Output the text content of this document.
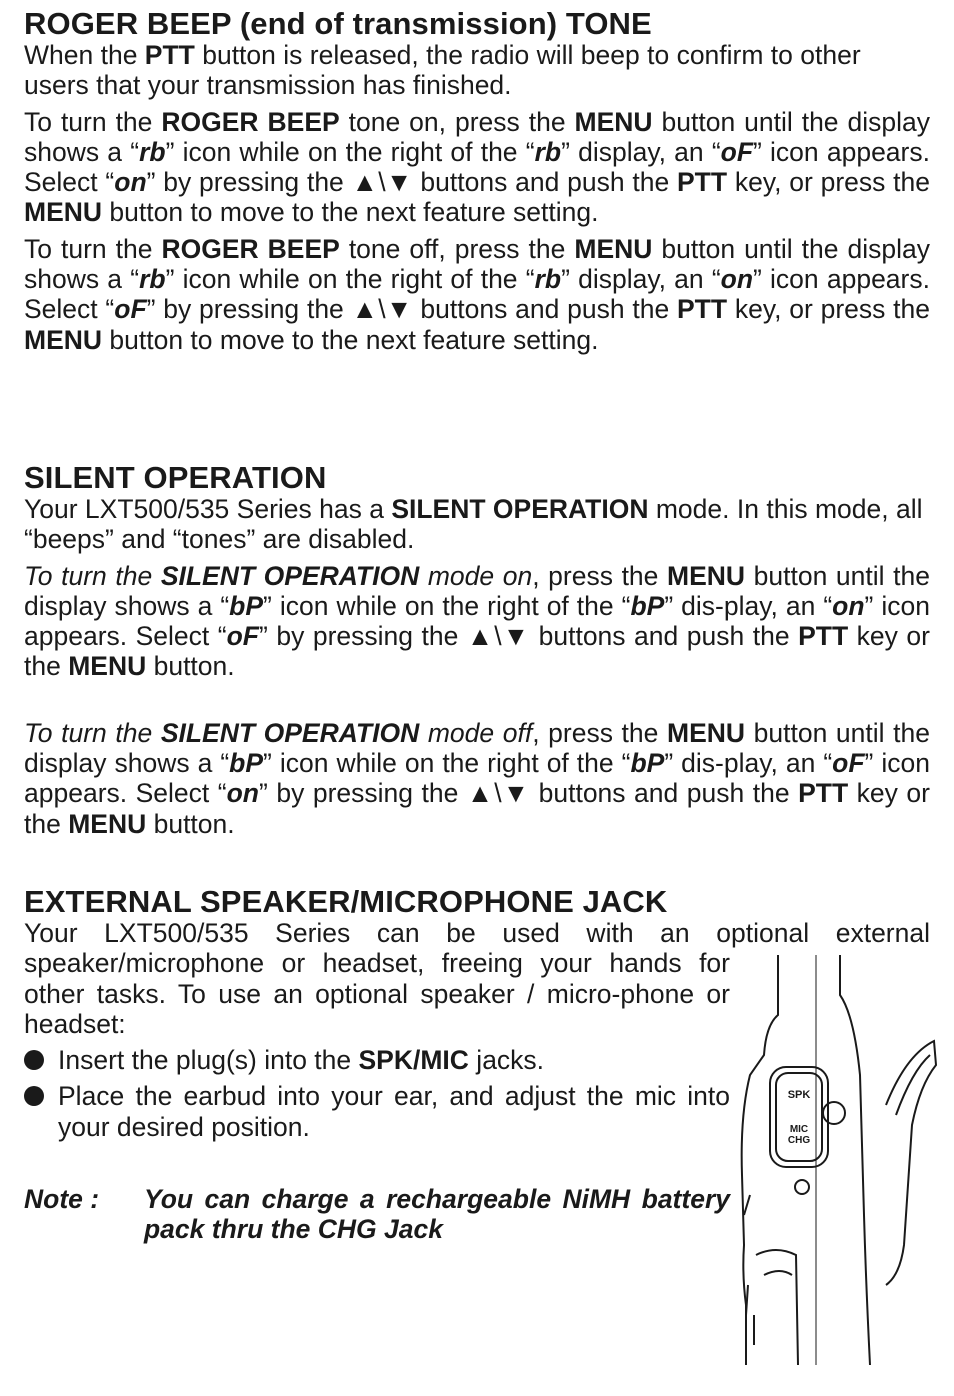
ROGER BEEP (end of transmission) TONE

When the PTT button is released, the radio will beep to confirm to other users that your transmission has finished.

To turn the ROGER BEEP tone on, press the MENU button until the display shows a “rb” icon while on the right of the “rb” display, an “oF” icon appears. Select “on” by pressing the ▲\▼ buttons and push the PTT key, or press the MENU button to move to the next feature setting.

To turn the ROGER BEEP tone off, press the MENU button until the display shows a “rb” icon while on the right of the “rb” display, an “on” icon appears. Select “oF” by pressing the ▲\▼ buttons and push the PTT key, or press the MENU button to move to the next feature setting.

SILENT OPERATION

Your LXT500/535 Series has a SILENT OPERATION mode. In this mode, all “beeps” and “tones” are disabled.

To turn the SILENT OPERATION mode on, press the MENU button until the display shows a “bP” icon while on the right of the “bP” dis-play, an “on” icon appears. Select “oF” by pressing the ▲\▼ buttons and push the PTT key or the MENU button.

To turn the SILENT OPERATION mode off, press the MENU button until the display shows a “bP” icon while on the right of the “bP” dis-play, an “oF” icon appears. Select “on” by pressing the ▲\▼ buttons and push the PTT key or the MENU button.

EXTERNAL SPEAKER/MICROPHONE JACK

Your LXT500/535 Series can be used with an optional external
speaker/microphone or headset, freeing your hands for other tasks. To use an optional speaker / micro-phone or headset:

Insert the plug(s) into the SPK/MIC jacks.
Place the earbud into your ear, and adjust the mic into your desired position.
Note : You can charge a rechargeable NiMH battery pack thru the CHG Jack
SPK
MIC
CHG
